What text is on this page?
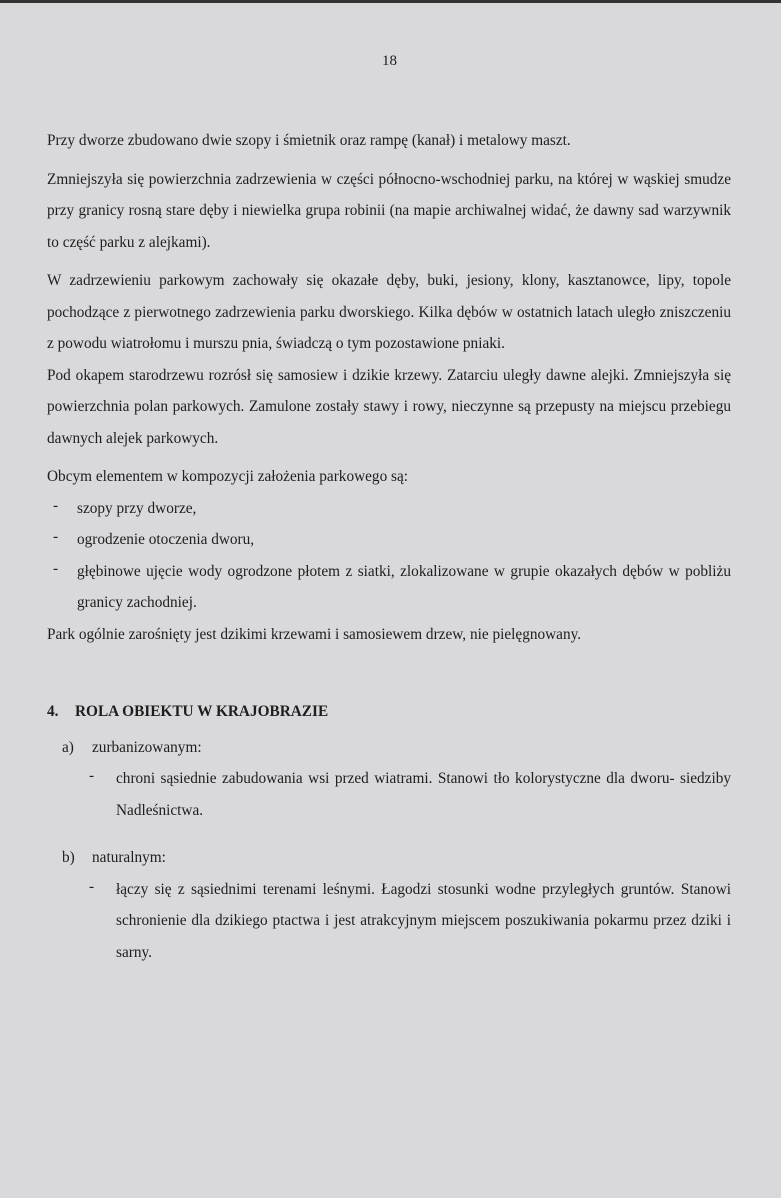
18

Przy dworze zbudowano dwie szopy i śmietnik oraz rampę (kanał) i metalowy maszt.

Zmniejszyła się powierzchnia zadrzewienia w części północno-wschodniej parku, na której w wąskiej smudze przy granicy rosną stare dęby i niewielka grupa robinii (na mapie archiwalnej widać, że dawny sad warzywnik to część parku z alejkami).

W zadrzewieniu parkowym zachowały się okazałe dęby, buki, jesiony, klony, kasztanowce, lipy, topole pochodzące z pierwotnego zadrzewienia parku dworskiego. Kilka dębów w ostatnich latach uległo zniszczeniu z powodu wiatrołomu i murszu pnia, świadczą o tym pozostawione pniaki.

Pod okapem starodrzewu rozrósł się samosiew i dzikie krzewy. Zatarciu uległy dawne alejki. Zmniejszyła się powierzchnia polan parkowych. Zamulone zostały stawy i rowy, nieczynne są przepusty na miejscu przebiegu dawnych alejek parkowych.

Obcym elementem w kompozycji założenia parkowego są:

- szopy przy dworze,
- ogrodzenie otoczenia dworu,
- głębinowe ujęcie wody ogrodzone płotem z siatki, zlokalizowane w grupie okazałych dębów w pobliżu granicy zachodniej.

Park ogólnie zarośnięty jest dzikimi krzewami i samosiewem drzew, nie pielęgnowany.

4.	ROLA OBIEKTU W KRAJOBRAZIE
a)	zurbanizowanym:
- chroni sąsiednie zabudowania wsi przed wiatrami. Stanowi tło kolorystyczne dla dworu- siedziby Nadleśnictwa.
b)	naturalnym:
- łączy się z sąsiednimi terenami leśnymi. Łagodzi stosunki wodne przyległych gruntów. Stanowi schronienie dla dzikiego ptactwa i jest atrakcyjnym miejscem poszukiwania pokarmu przez dziki i sarny.
